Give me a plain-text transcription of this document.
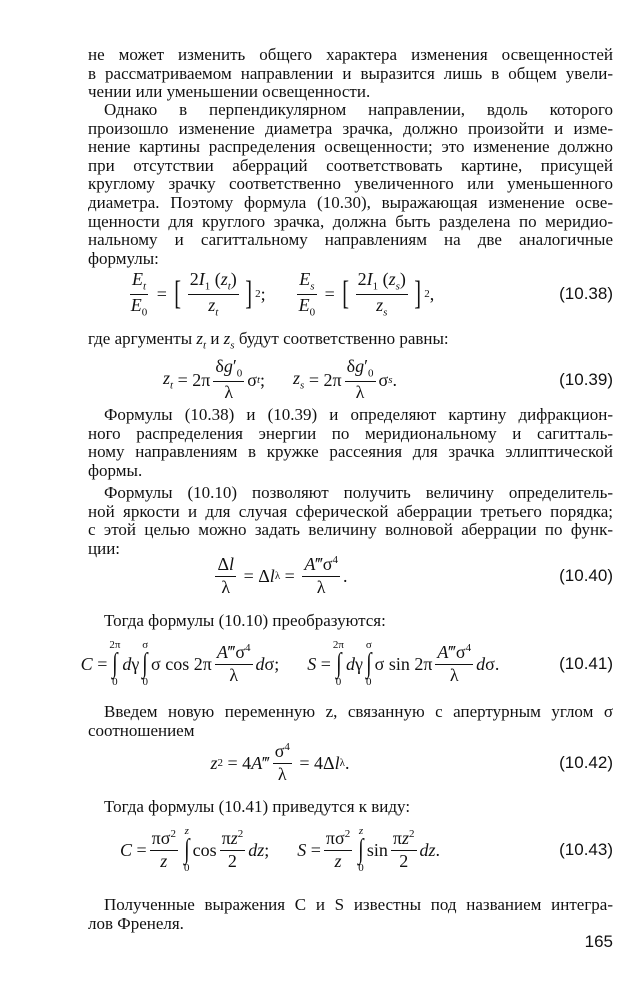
не может изменить общего характера изменения освещенностей
в рассматриваемом направлении и выразится лишь в общем увели-
чении или уменьшении освещенности.
Однако в перпендикулярном направлении, вдоль которого
произошло изменение диаметра зрачка, должно произойти и изме-
нение картины распределения освещенности; это изменение должно
при отсутствии аберраций соответствовать картине, присущей
круглому зрачку соответственно увеличенного или уменьшенного
диаметра. Поэтому формула (10.30), выражающая изменение осве-
щенности для круглого зрачка, должна быть разделена по меридио-
нальному и сагиттальному направлениям на две аналогичные
формулы:
$\frac{E_t}{E_0}$ = [ $\frac{2I_1 (z_t)}{z_t}$ ] 2 ; $\frac{E_s}{E_0}$ = [ $\frac{2I_1 (z_s)}{z_s}$ ] 2 ,	(10.38)
где аргументы $z_t$ и $z_s$ будут соответственно равны:
$z_t = 2\pi \frac{\delta g'_0}{\lambda}$ σ t ; $z_s = 2\pi \frac{\delta g'_0}{\lambda}$ σ s .	(10.39)
Формулы (10.38) и (10.39) и определяют картину дифракцион-
ного распределения энергии по меридиональному и сагитталь-
ному направлениям в кружке рассеяния для зрачка эллиптической
формы.
Формулы (10.10) позволяют получить величину определитель-
ной яркости и для случая сферической аберрации третьего порядка;
с этой целью можно задать величину волновой аберрации по функ-
ции:
$\frac{\Delta l}{\lambda} = \Delta$ l $\lambda = \frac{A‴\sigma^4}{\lambda}$ .	(10.40)
Тогда формулы (10.10) преобразуются:
C =
2π
∫
0
d γ
σ
∫
0
σ $\cos 2\pi \frac{A‴\sigma^4}{\lambda}$ d σ; S =
2π
∫
0
d γ
σ
∫
0
σ $\sin 2\pi \frac{A‴\sigma^4}{\lambda}$ d σ.	(10.41)
Введем новую переменную z, связанную с апертурным углом σ
соотношением
z 2 = 4 A ‴ $\frac{\sigma^4}{\lambda} = 4\Delta$ l λ .	(10.42)
Тогда формулы (10.41) приведутся к виду:
$C = \frac{\pi\sigma^2}{z}$ z
∫
0
$\cos \frac{\pi z^2}{2}$ dz ; $S = \frac{\pi\sigma^2}{z}$ z
∫
0
$\sin \frac{\pi z^2}{2}$ dz .	(10.43)
Полученные выражения C и S известны под названием интегра-
лов Френеля.
165
